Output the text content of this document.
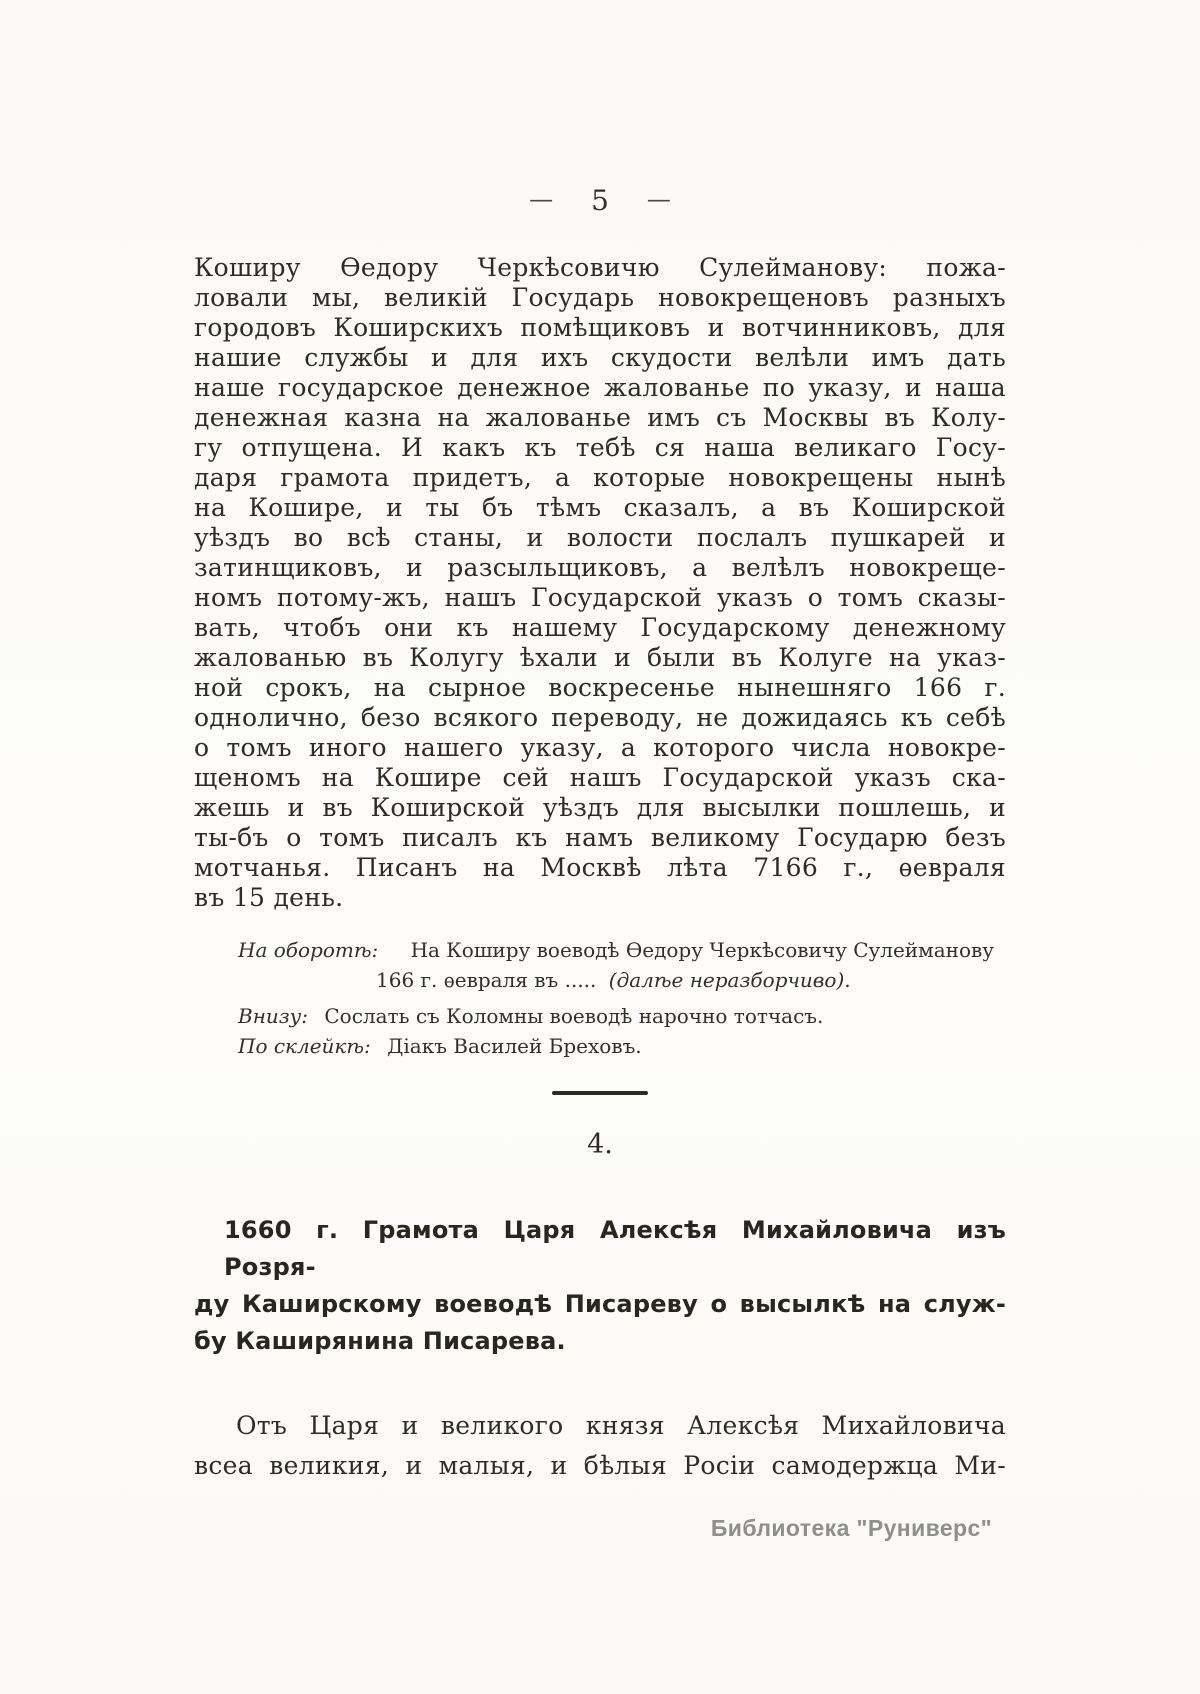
— 5 —
Коширу Ѳедору Черкѣсовичю Сулейманову: пожа-
ловали мы, великій Государь новокрещеновъ разныхъ
городовъ Коширскихъ помѣщиковъ и вотчинниковъ, для
нашие службы и для ихъ скудости велѣли имъ дать
наше государское денежное жалованье по указу, и наша
денежная казна на жалованье имъ съ Москвы въ Колу-
гу отпущена. И какъ къ тебѣ ся наша великаго Госу-
даря грамота придетъ, а которые новокрещены нынѣ
на Кошире, и ты бъ тѣмъ сказалъ, а въ Коширской
уѣздъ во всѣ станы, и волости послалъ пушкарей и
затинщиковъ, и разсыльщиковъ, а велѣлъ новокреще-
номъ потому-жъ, нашъ Государской указъ о томъ сказы-
вать, чтобъ они къ нашему Государскому денежному
жалованью въ Колугу ѣхали и были въ Колуге на указ-
ной срокъ, на сырное воскресенье нынешняго 166 г.
однолично, безо всякого переводу, не дожидаясь къ себѣ
о томъ иного нашего указу, а которого числа новокре-
щеномъ на Кошире сей нашъ Государской указъ ска-
жешь и въ Коширской уѣздъ для высылки пошлешь, и
ты-бъ о томъ писалъ къ намъ великому Государю безъ
мотчанья. Писанъ на Москвѣ лѣта 7166 г., ѳевраля
въ 15 день.
На оборотѣ: На Коширу воеводѣ Ѳедору Черкѣсовичу Сулейманову
166 г. ѳевраля въ ..... (далѣе неразборчиво).
Внизу: Сослать съ Коломны воеводѣ нарочно тотчасъ.
По склейкѣ: Діакъ Василей Бреховъ.
4.
1660 г. Грамота Царя Алексѣя Михайловича изъ Розря-
ду Каширскому воеводѣ Писареву о высылкѣ на служ-
бу Каширянина Писарева.
Отъ Царя и великого князя Алексѣя Михайловича
всеа великия, и малыя, и бѣлыя Росіи самодержца Ми-
Библиотека "Руниверс"
